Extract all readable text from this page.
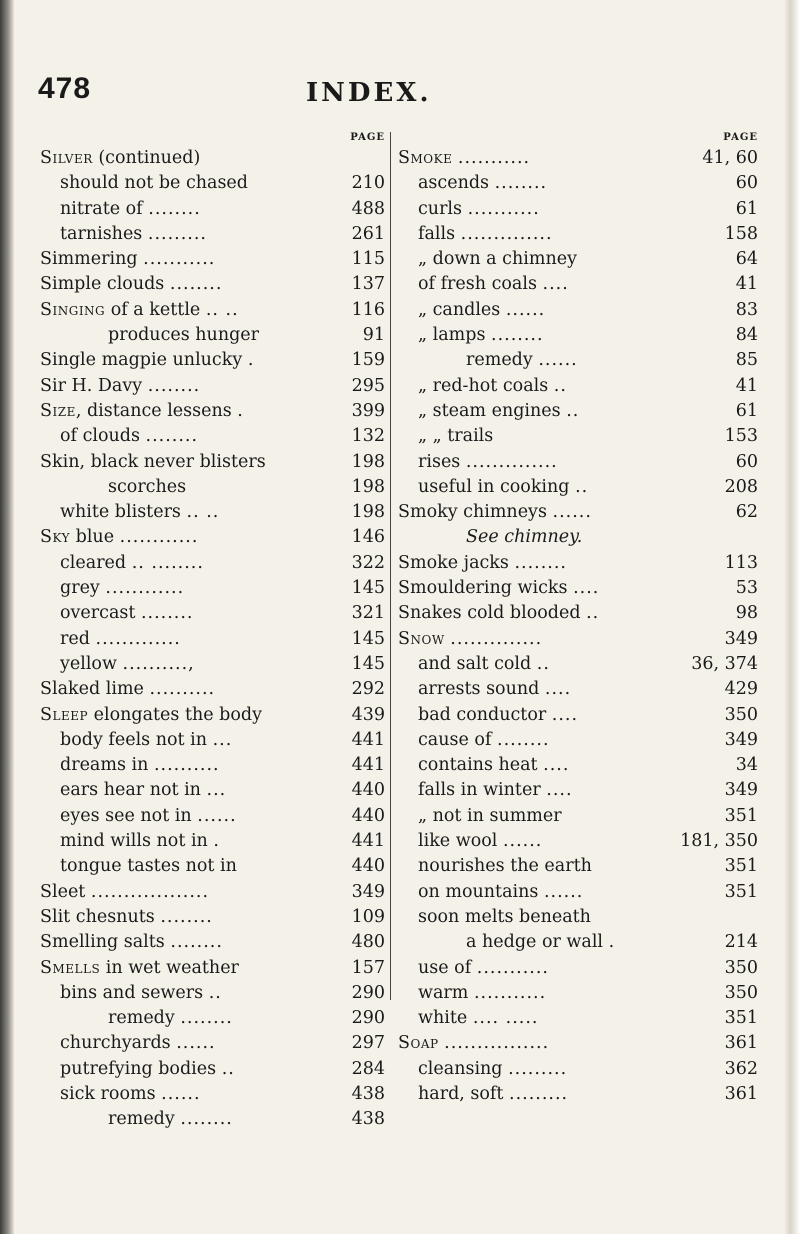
478	INDEX.
PAGE
Silver (continued)
should not be chased	210
nitrate of ........	488
tarnishes .........	261
Simmering ...........	115
Simple clouds ........	137
Singing of a kettle .. ..	116
produces hunger	91
Single magpie unlucky .	159
Sir H. Davy ........	295
Size, distance lessens .	399
of clouds ........	132
Skin, black never blisters	198
scorches	198
white blisters .. ..	198
Sky blue ............	146
cleared .. ........	322
grey ............	145
overcast ........	321
red .............	145
yellow ..........,	145
Slaked lime ..........	292
Sleep elongates the body	439
body feels not in ...	441
dreams in ..........	441
ears hear not in ...	440
eyes see not in ......	440
mind wills not in .	441
tongue tastes not in	440
Sleet ..................	349
Slit chesnuts ........	109
Smelling salts ........	480
Smells in wet weather	157
bins and sewers ..	290
remedy ........	290
churchyards ......	297
putrefying bodies ..	284
sick rooms ......	438
remedy ........	438
PAGE
Smoke ...........	41, 60
ascends ........	60
curls ...........	61
falls ..............	158
„ down a chimney	64
of fresh coals ....	41
„ candles ......	83
„ lamps ........	84
remedy ......	85
„ red-hot coals ..	41
„ steam engines ..	61
„ „ trails	153
rises ..............	60
useful in cooking ..	208
Smoky chimneys ......	62
See chimney.
Smoke jacks ........	113
Smouldering wicks ....	53
Snakes cold blooded ..	98
Snow ..............	349
and salt cold ..	36, 374
arrests sound ....	429
bad conductor ....	350
cause of ........	349
contains heat ....	34
falls in winter ....	349
„ not in summer	351
like wool ......	181, 350
nourishes the earth	351
on mountains ......	351
soon melts beneath
a hedge or wall .	214
use of ...........	350
warm ...........	350
white .... .....	351
Soap ................	361
cleansing .........	362
hard, soft .........	361
